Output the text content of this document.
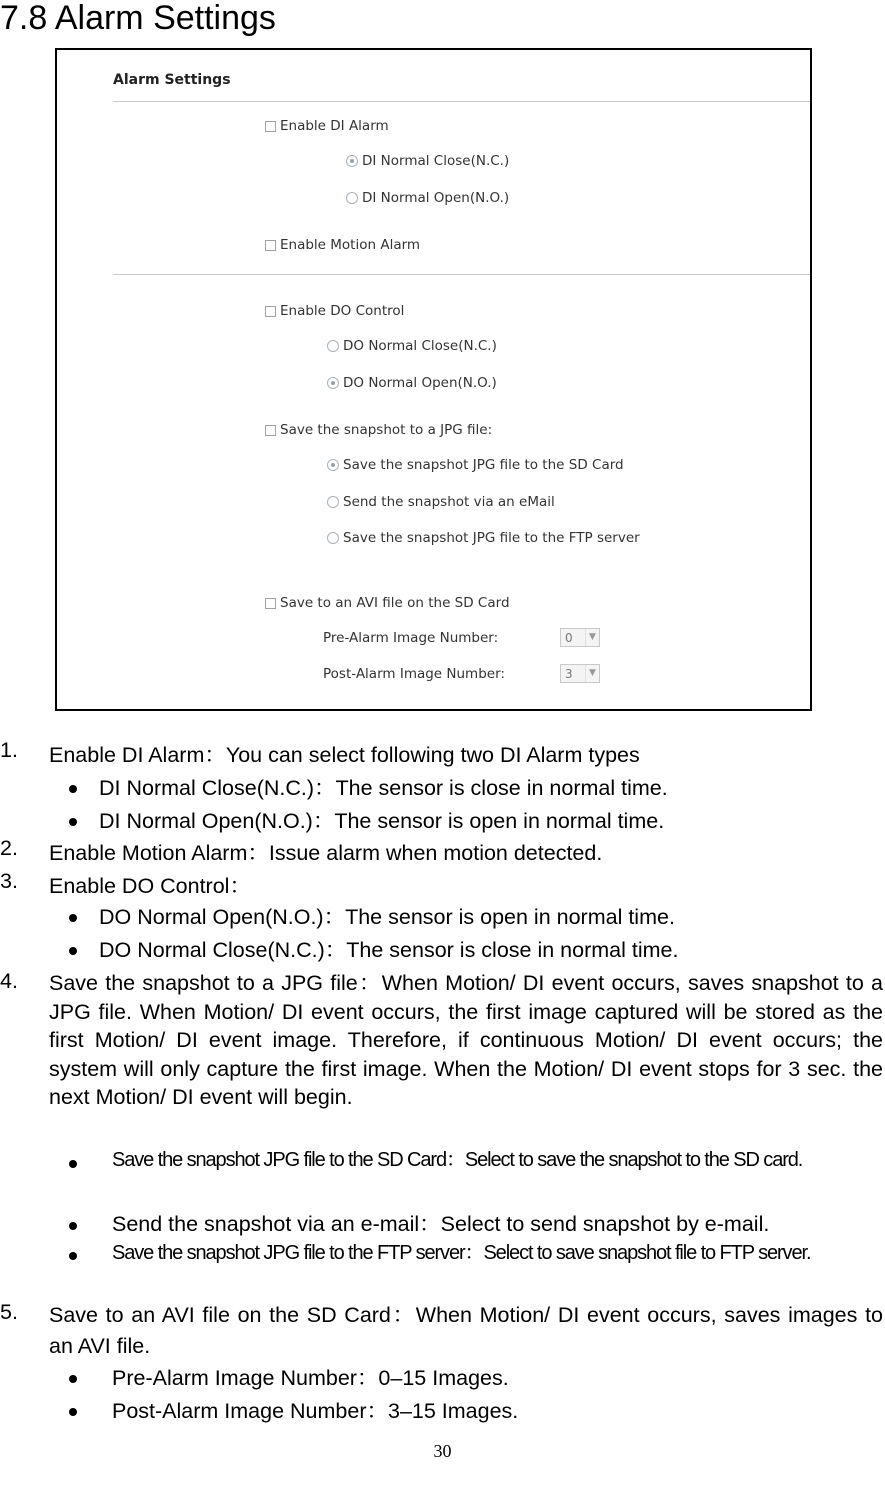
7.8 Alarm Settings
Alarm Settings
Enable DI Alarm
DI Normal Close(N.C.)
DI Normal Open(N.O.)
Enable Motion Alarm
Enable DO Control
DO Normal Close(N.C.)
DO Normal Open(N.O.)
Save the snapshot to a JPG file:
Save the snapshot JPG file to the SD Card
Send the snapshot via an eMail
Save the snapshot JPG file to the FTP server
Save to an AVI file on the SD Card
Pre-Alarm Image Number:	0	▼
Post-Alarm Image Number:	3	▼
1. Enable DI Alarm：You can select following two DI Alarm types
DI Normal Close(N.C.)：The sensor is close in normal time.
DI Normal Open(N.O.)：The sensor is open in normal time.
2. Enable Motion Alarm：Issue alarm when motion detected.
3. Enable DO Control：
DO Normal Open(N.O.)：The sensor is open in normal time.
DO Normal Close(N.C.)：The sensor is close in normal time.
4. Save the snapshot to a JPG file：When Motion/ DI event occurs, saves snapshot to a JPG file. When Motion/ DI event occurs, the first image captured will be stored as the first Motion/ DI event image. Therefore, if continuous Motion/ DI event occurs; the system will only capture the first image. When the Motion/ DI event stops for 3 sec. the next Motion/ DI event will begin.
Save the snapshot JPG file to the SD Card：Select to save the snapshot to the SD card.
Send the snapshot via an e-mail：Select to send snapshot by e-mail.
Save the snapshot JPG file to the FTP server：Select to save snapshot file to FTP server.
5. Save to an AVI file on the SD Card：When Motion/ DI event occurs, saves images to an AVI file.
Pre-Alarm Image Number：0–15 Images.
Post-Alarm Image Number：3–15 Images.
30
